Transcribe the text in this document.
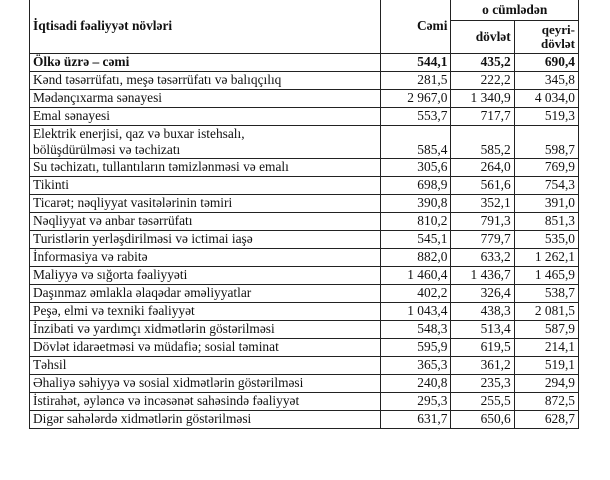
İqtisadi fəaliyyət növləri	Cəmi	o cümlədən	
		dövlət	qeyri-dövlət
Ölkə üzrə – cəmi	544,1	435,2	690,4
Kənd təsərrüfatı, meşə təsərrüfatı və balıqçılıq	281,5	222,2	345,8
Mədənçıxarma sənayesi	2 967,0	1 340,9	4 034,0
Emal sənayesi	553,7	717,7	519,3
Elektrik enerjisi, qaz və buxar istehsalı,
bölüşdürülməsi və təchizatı	585,4	585,2	598,7
Su təchizatı, tullantıların təmizlənməsi və emalı	305,6	264,0	769,9
Tikinti	698,9	561,6	754,3
Ticarət; nəqliyyat vasitələrinin təmiri	390,8	352,1	391,0
Nəqliyyat və anbar təsərrüfatı	810,2	791,3	851,3
Turistlərin yerləşdirilməsi və ictimai iaşə	545,1	779,7	535,0
İnformasiya və rabitə	882,0	633,2	1 262,1
Maliyyə və sığorta fəaliyyəti	1 460,4	1 436,7	1 465,9
Daşınmaz əmlakla əlaqədar əməliyyatlar	402,2	326,4	538,7
Peşə, elmi və texniki fəaliyyət	1 043,4	438,3	2 081,5
İnzibati və yardımçı xidmətlərin göstərilməsi	548,3	513,4	587,9
Dövlət idarəetməsi və müdafiə; sosial təminat	595,9	619,5	214,1
Təhsil	365,3	361,2	519,1
Əhaliyə səhiyyə və sosial xidmətlərin göstərilməsi	240,8	235,3	294,9
İstirahət, əyləncə və incəsənət sahəsində fəaliyyət	295,3	255,5	872,5
Digər sahələrdə xidmətlərin göstərilməsi	631,7	650,6	628,7
